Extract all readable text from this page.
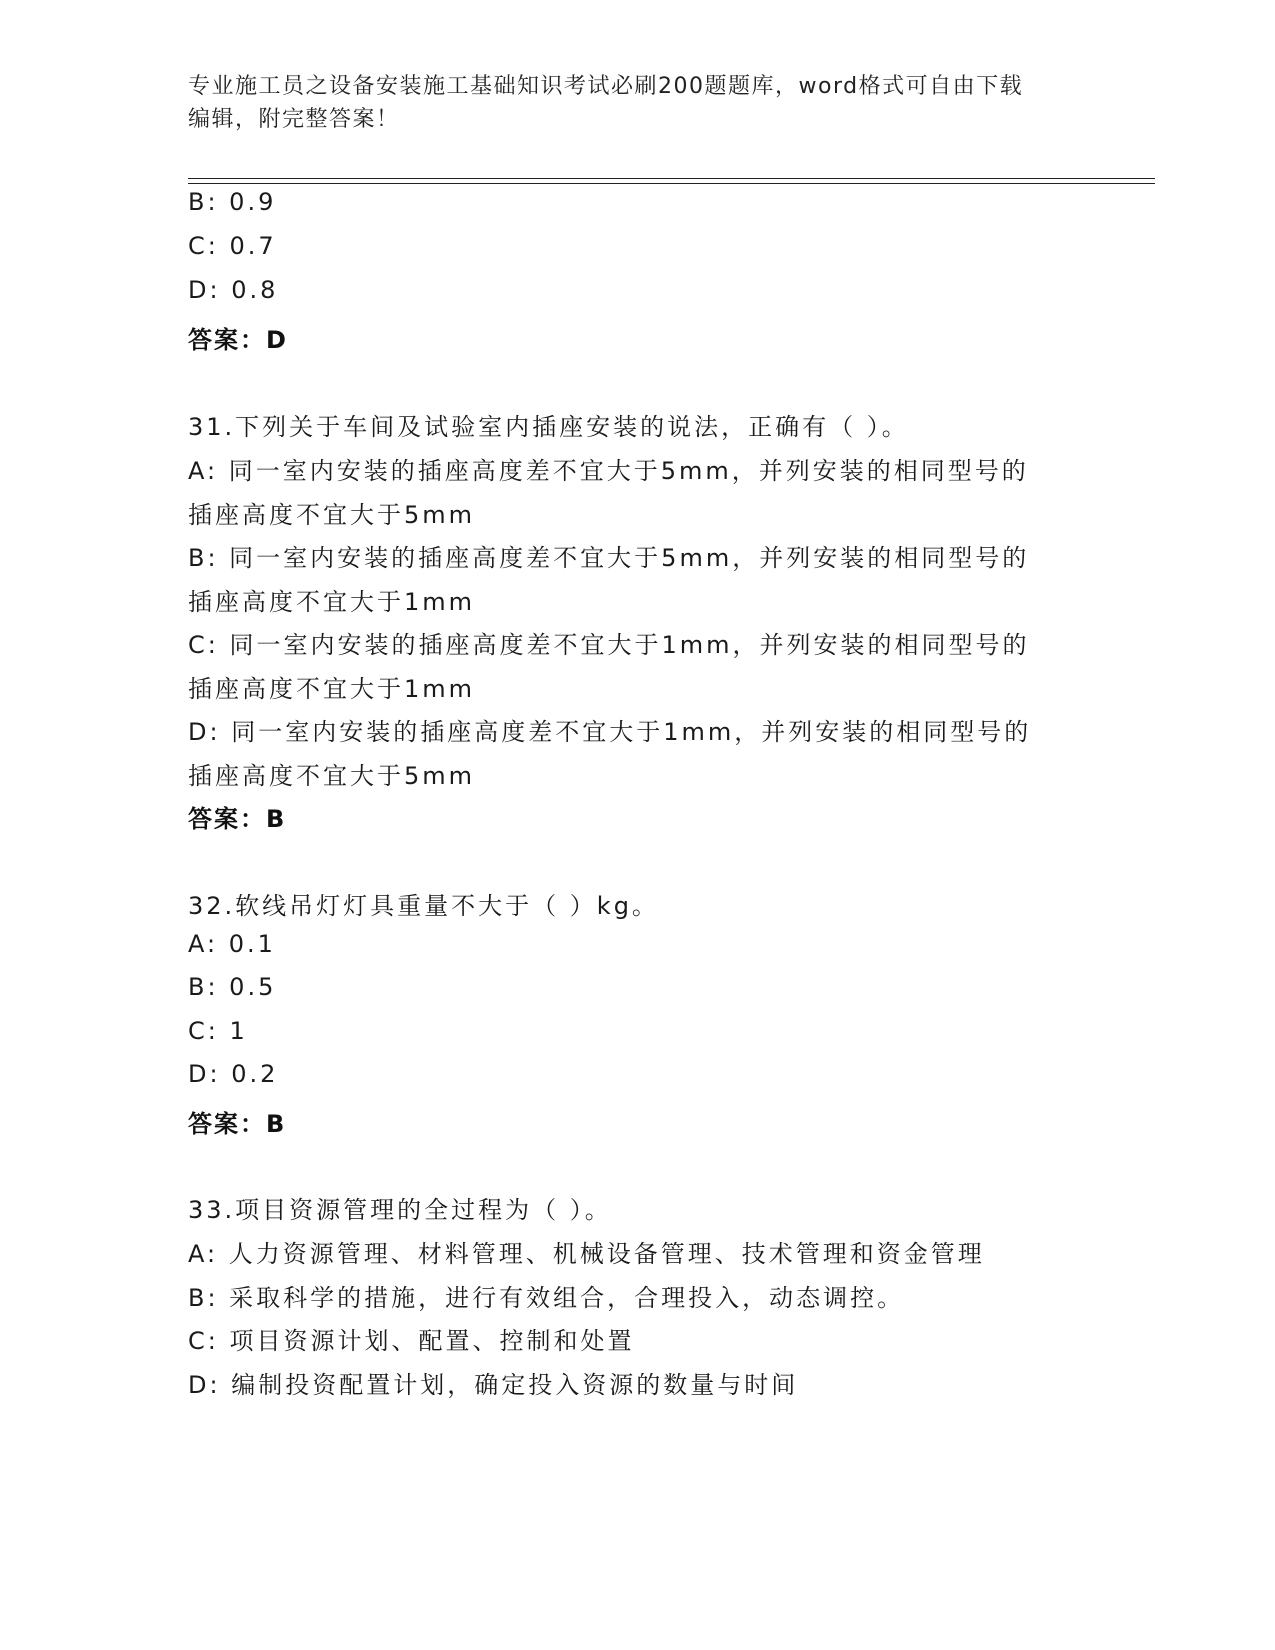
专业施工员之设备安装施工基础知识考试必刷200题题库，word格式可自由下载
编辑，附完整答案！
B: 0.9
C: 0.7
D: 0.8
答案：D
31.下列关于车间及试验室内插座安装的说法，正确有（ ）。
A: 同一室内安装的插座高度差不宜大于5mm，并列安装的相同型号的
插座高度不宜大于5mm
B: 同一室内安装的插座高度差不宜大于5mm，并列安装的相同型号的
插座高度不宜大于1mm
C: 同一室内安装的插座高度差不宜大于1mm，并列安装的相同型号的
插座高度不宜大于1mm
D: 同一室内安装的插座高度差不宜大于1mm，并列安装的相同型号的
插座高度不宜大于5mm
答案：B
32.软线吊灯灯具重量不大于（ ）kg。
A: 0.1
B: 0.5
C: 1
D: 0.2
答案：B
33.项目资源管理的全过程为（ ）。
A: 人力资源管理、材料管理、机械设备管理、技术管理和资金管理
B: 采取科学的措施，进行有效组合，合理投入，动态调控。
C: 项目资源计划、配置、控制和处置
D: 编制投资配置计划，确定投入资源的数量与时间
